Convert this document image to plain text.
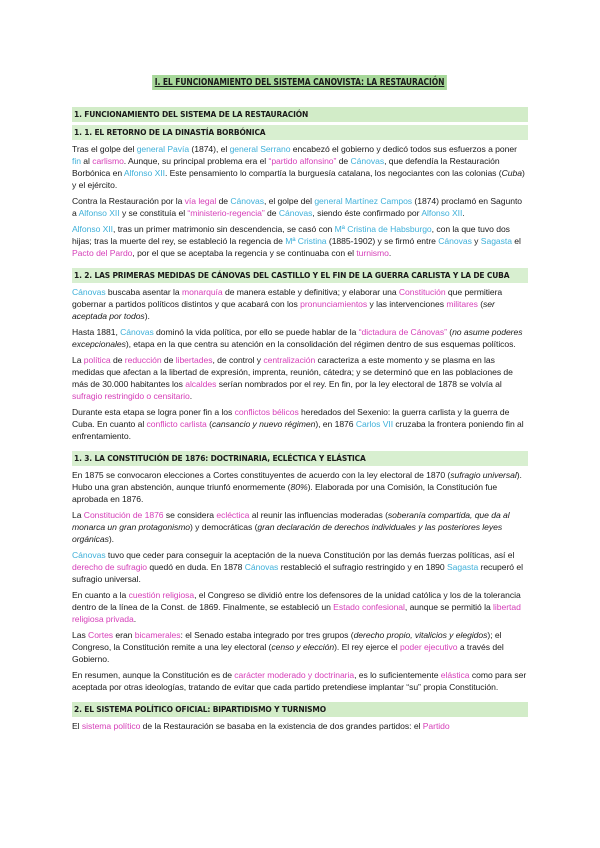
I. EL FUNCIONAMIENTO DEL SISTEMA CANOVISTA: LA RESTAURACIÓN
1. FUNCIONAMIENTO DEL SISTEMA DE LA RESTAURACIÓN
1. 1. EL RETORNO DE LA DINASTÍA BORBÓNICA

Tras el golpe del general Pavía (1874), el general Serrano encabezó el gobierno y dedicó todos sus esfuerzos a poner fin al carlismo. Aunque, su principal problema era el “partido alfonsino” de Cánovas, que defendía la Restauración Borbónica en Alfonso XII. Este pensamiento lo compartía la burguesía catalana, los negociantes con las colonias (Cuba) y el ejército.

Contra la Restauración por la vía legal de Cánovas, el golpe del general Martínez Campos (1874) proclamó en Sagunto a Alfonso XII y se constituía el “ministerio-regencia” de Cánovas, siendo éste confirmado por Alfonso XII.

Alfonso XII, tras un primer matrimonio sin descendencia, se casó con Mª Cristina de Habsburgo, con la que tuvo dos hijas; tras la muerte del rey, se estableció la regencia de Mª Cristina (1885-1902) y se firmó entre Cánovas y Sagasta el Pacto del Pardo, por el que se aceptaba la regencia y se continuaba con el turnismo.

1. 2. LAS PRIMERAS MEDIDAS DE CÁNOVAS DEL CASTILLO Y EL FIN DE LA GUERRA CARLISTA Y LA DE CUBA

Cánovas buscaba asentar la monarquía de manera estable y definitiva; y elaborar una Constitución que permitiera gobernar a partidos políticos distintos y que acabará con los pronunciamientos y las intervenciones militares (ser aceptada por todos).

Hasta 1881, Cánovas dominó la vida política, por ello se puede hablar de la “dictadura de Cánovas” (no asume poderes excepcionales), etapa en la que centra su atención en la consolidación del régimen dentro de sus esquemas políticos.

La política de reducción de libertades, de control y centralización caracteriza a este momento y se plasma en las medidas que afectan a la libertad de expresión, imprenta, reunión, cátedra; y se determinó que en las poblaciones de más de 30.000 habitantes los alcaldes serían nombrados por el rey. En fin, por la ley electoral de 1878 se volvía al sufragio restringido o censitario.

Durante esta etapa se logra poner fin a los conflictos bélicos heredados del Sexenio: la guerra carlista y la guerra de Cuba. En cuanto al conflicto carlista (cansancio y nuevo régimen), en 1876 Carlos VII cruzaba la frontera poniendo fin al enfrentamiento.

1. 3. LA CONSTITUCIÓN DE 1876: DOCTRINARIA, ECLÉCTICA Y ELÁSTICA

En 1875 se convocaron elecciones a Cortes constituyentes de acuerdo con la ley electoral de 1870 (sufragio universal). Hubo una gran abstención, aunque triunfó enormemente (80%). Elaborada por una Comisión, la Constitución fue aprobada en 1876.

La Constitución de 1876 se considera ecléctica al reunir las influencias moderadas (soberanía compartida, que da al monarca un gran protagonismo) y democráticas (gran declaración de derechos individuales y las posteriores leyes orgánicas).

Cánovas tuvo que ceder para conseguir la aceptación de la nueva Constitución por las demás fuerzas políticas, así el derecho de sufragio quedó en duda. En 1878 Cánovas restableció el sufragio restringido y en 1890 Sagasta recuperó el sufragio universal.

En cuanto a la cuestión religiosa, el Congreso se dividió entre los defensores de la unidad católica y los de la tolerancia dentro de la línea de la Const. de 1869. Finalmente, se estableció un Estado confesional, aunque se permitió la libertad religiosa privada.

Las Cortes eran bicamerales: el Senado estaba integrado por tres grupos (derecho propio, vitalicios y elegidos); el Congreso, la Constitución remite a una ley electoral (censo y elección). El rey ejerce el poder ejecutivo a través del Gobierno.

En resumen, aunque la Constitución es de carácter moderado y doctrinaria, es lo suficientemente elástica como para ser aceptada por otras ideologías, tratando de evitar que cada partido pretendiese implantar “su” propia Constitución.

2. EL SISTEMA POLÍTICO OFICIAL: BIPARTIDISMO Y TURNISMO

El sistema político de la Restauración se basaba en la existencia de dos grandes partidos: el Partido
